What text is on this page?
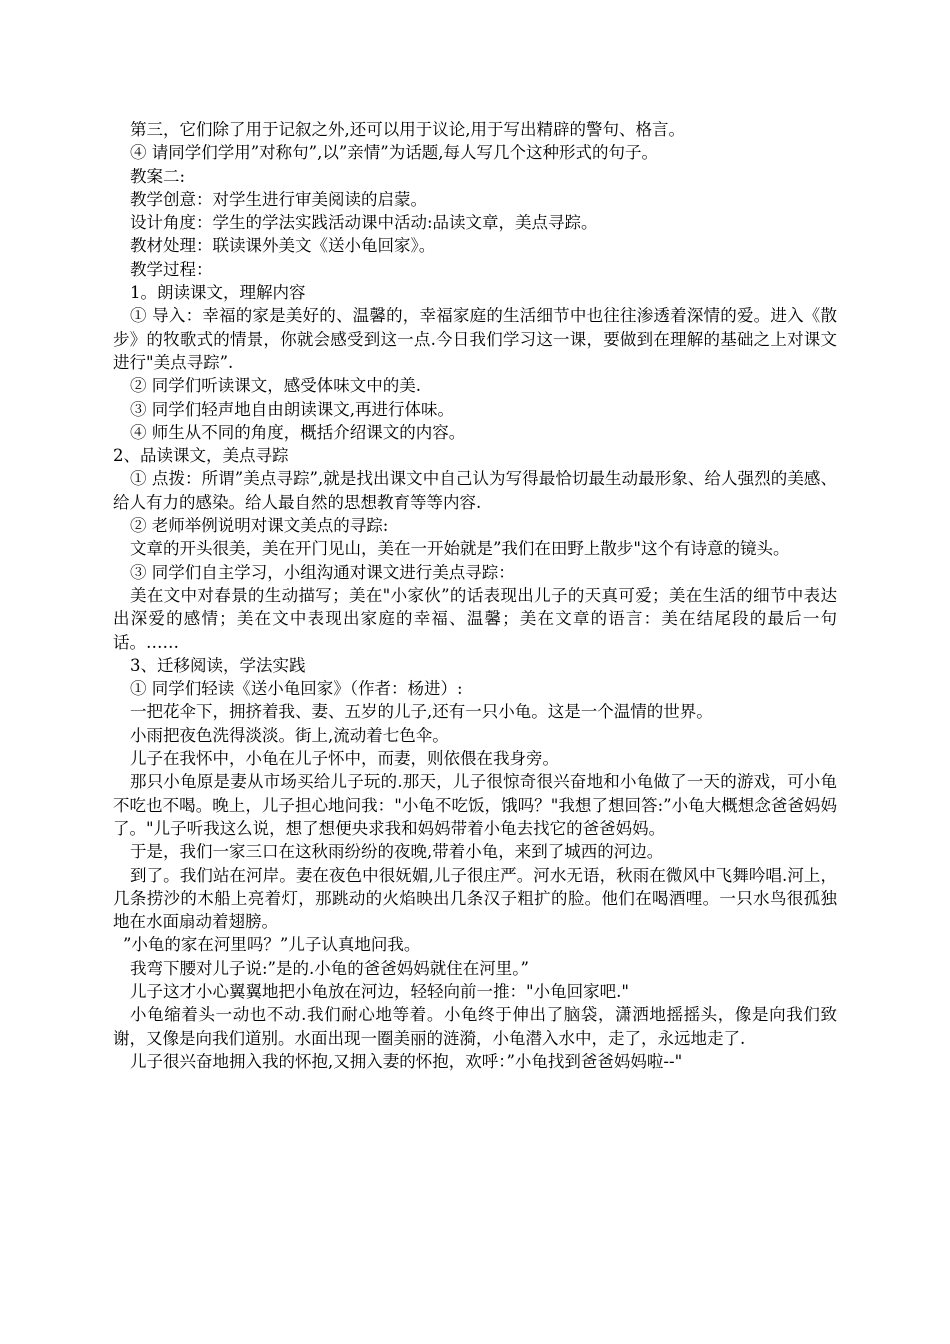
第三，它们除了用于记叙之外,还可以用于议论,用于写出精辟的警句、格言。

④ 请同学们学用”对称句”,以”亲情”为话题,每人写几个这种形式的句子。

教案二:

教学创意：对学生进行审美阅读的启蒙。

设计角度：学生的学法实践活动课中活动:品读文章，美点寻踪。

教材处理：联读课外美文《送小龟回家》。

教学过程：

1。朗读课文，理解内容

① 导入：幸福的家是美好的、温馨的，幸福家庭的生活细节中也往往渗透着深情的爱。进入《散步》的牧歌式的情景，你就会感受到这一点.今日我们学习这一课，要做到在理解的基础之上对课文进行"美点寻踪”.

② 同学们听读课文，感受体味文中的美.

③ 同学们轻声地自由朗读课文,再进行体味。

④ 师生从不同的角度，概括介绍课文的内容。

2、品读课文，美点寻踪

① 点拨：所谓”美点寻踪”,就是找出课文中自己认为写得最恰切最生动最形象、给人强烈的美感、给人有力的感染。给人最自然的思想教育等等内容.

② 老师举例说明对课文美点的寻踪:

文章的开头很美，美在开门见山，美在一开始就是”我们在田野上散步"这个有诗意的镜头。

③ 同学们自主学习，小组沟通对课文进行美点寻踪：

美在文中对春景的生动描写；美在"小家伙”的话表现出儿子的天真可爱；美在生活的细节中表达出深爱的感情；美在文中表现出家庭的幸福、温馨；美在文章的语言：美在结尾段的最后一句话。……

3、迁移阅读，学法实践

① 同学们轻读《送小龟回家》（作者：杨进）:

一把花伞下，拥挤着我、妻、五岁的儿子,还有一只小龟。这是一个温情的世界。

小雨把夜色洗得淡淡。街上,流动着七色伞。

儿子在我怀中，小龟在儿子怀中，而妻，则依偎在我身旁。

那只小龟原是妻从市场买给儿子玩的.那天，儿子很惊奇很兴奋地和小龟做了一天的游戏，可小龟不吃也不喝。晚上，儿子担心地问我："小龟不吃饭，饿吗？"我想了想回答:”小龟大概想念爸爸妈妈了。"儿子听我这么说，想了想便央求我和妈妈带着小龟去找它的爸爸妈妈。

于是，我们一家三口在这秋雨纷纷的夜晚,带着小龟，来到了城西的河边。

到了。我们站在河岸。妻在夜色中很妩媚,儿子很庄严。河水无语，秋雨在微风中飞舞吟唱.河上，几条捞沙的木船上亮着灯，那跳动的火焰映出几条汉子粗扩的脸。他们在喝酒哩。一只水鸟很孤独地在水面扇动着翅膀。

”小龟的家在河里吗？”儿子认真地问我。

我弯下腰对儿子说:”是的.小龟的爸爸妈妈就住在河里。”

儿子这才小心翼翼地把小龟放在河边，轻轻向前一推："小龟回家吧."

小龟缩着头一动也不动.我们耐心地等着。小龟终于伸出了脑袋，潇洒地摇摇头，像是向我们致谢，又像是向我们道别。水面出现一圈美丽的涟漪，小龟潜入水中，走了，永远地走了.

儿子很兴奋地拥入我的怀抱,又拥入妻的怀抱，欢呼：”小龟找到爸爸妈妈啦--"
